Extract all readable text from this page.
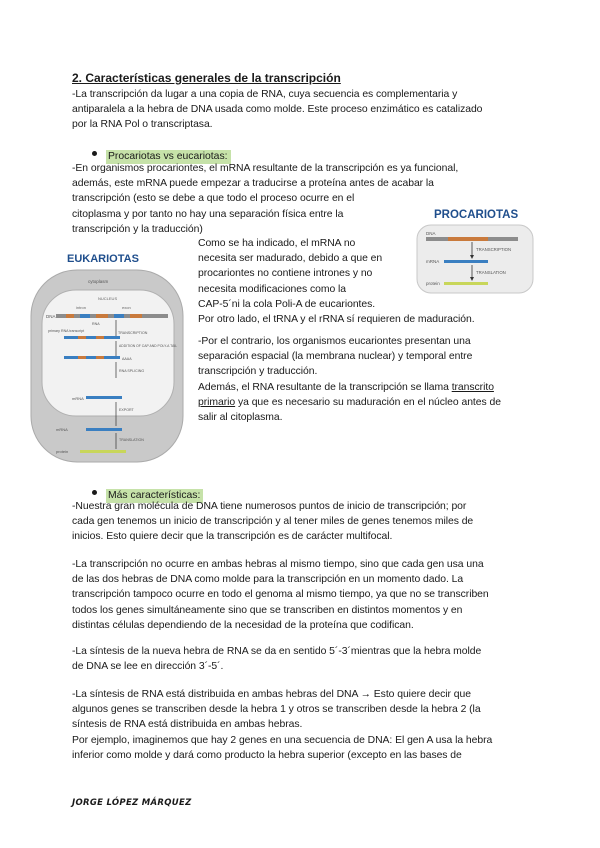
2. Características generales de la transcripción
-La transcripción da lugar a una copia de RNA, cuya secuencia es complementaria y
antiparalela a la hebra de DNA usada como molde. Este proceso enzimático es catalizado
por la RNA Pol o transcriptasa.
Procariotas vs eucariotas:
-En organismos procariontes, el mRNA resultante de la transcripción es ya funcional,
además, este mRNA puede empezar a traducirse a proteína antes de acabar la
transcripción (esto se debe a que todo el proceso ocurre en el
citoplasma y por tanto no hay una separación física entre la
transcripción y la traducción)
Como se ha indicado, el mRNA no
necesita ser madurado, debido a que en
procariontes no contiene intrones y no
necesita modificaciones como la
CAP-5´ni la cola Poli-A de eucariontes.
Por otro lado, el tRNA y el rRNA sí requieren de maduración.
-Por el contrario, los organismos eucariontes presentan una
separación espacial (la membrana nuclear) y temporal entre
transcripción y traducción.
Además, el RNA resultante de la transcripción se llama transcrito
primario ya que es necesario su maduración en el núcleo antes de
salir al citoplasma.
PROCARIOTAS
DNA
TRANSCRIPTION
mRNA
TRANSLATION
protein
EUKARIOTAS
cytoplasm
NUCLEUS
intron	exon
DNA
TRANSCRIPTION
RNA
primary RNA transcript
ADDITION OF CAP AND POLY-A TAIL
AAAA
RNA SPLICING
mRNA
EXPORT
mRNA
TRANSLATION
protein
Más características:
-Nuestra gran molécula de DNA tiene numerosos puntos de inicio de transcripción; por
cada gen tenemos un inicio de transcripción y al tener miles de genes tenemos miles de
inicios. Esto quiere decir que la transcripción es de carácter multifocal.
-La transcripción no ocurre en ambas hebras al mismo tiempo, sino que cada gen usa una
de las dos hebras de DNA como molde para la transcripción en un momento dado. La
transcripción tampoco ocurre en todo el genoma al mismo tiempo, ya que no se transcriben
todos los genes simultáneamente sino que se transcriben en distintos momentos y en
distintas células dependiendo de la necesidad de la proteína que codifican.
-La síntesis de la nueva hebra de RNA se da en sentido 5´-3´mientras que la hebra molde
de DNA se lee en dirección 3´-5´.
-La síntesis de RNA está distribuida en ambas hebras del DNA → Esto quiere decir que
algunos genes se transcriben desde la hebra 1 y otros se transcriben desde la hebra 2 (la
síntesis de RNA está distribuida en ambas hebras.
Por ejemplo, imaginemos que hay 2 genes en una secuencia de DNA: El gen A usa la hebra
inferior como molde y dará como producto la hebra superior (excepto en las bases de
JORGE LÓPEZ MÁRQUEZ
